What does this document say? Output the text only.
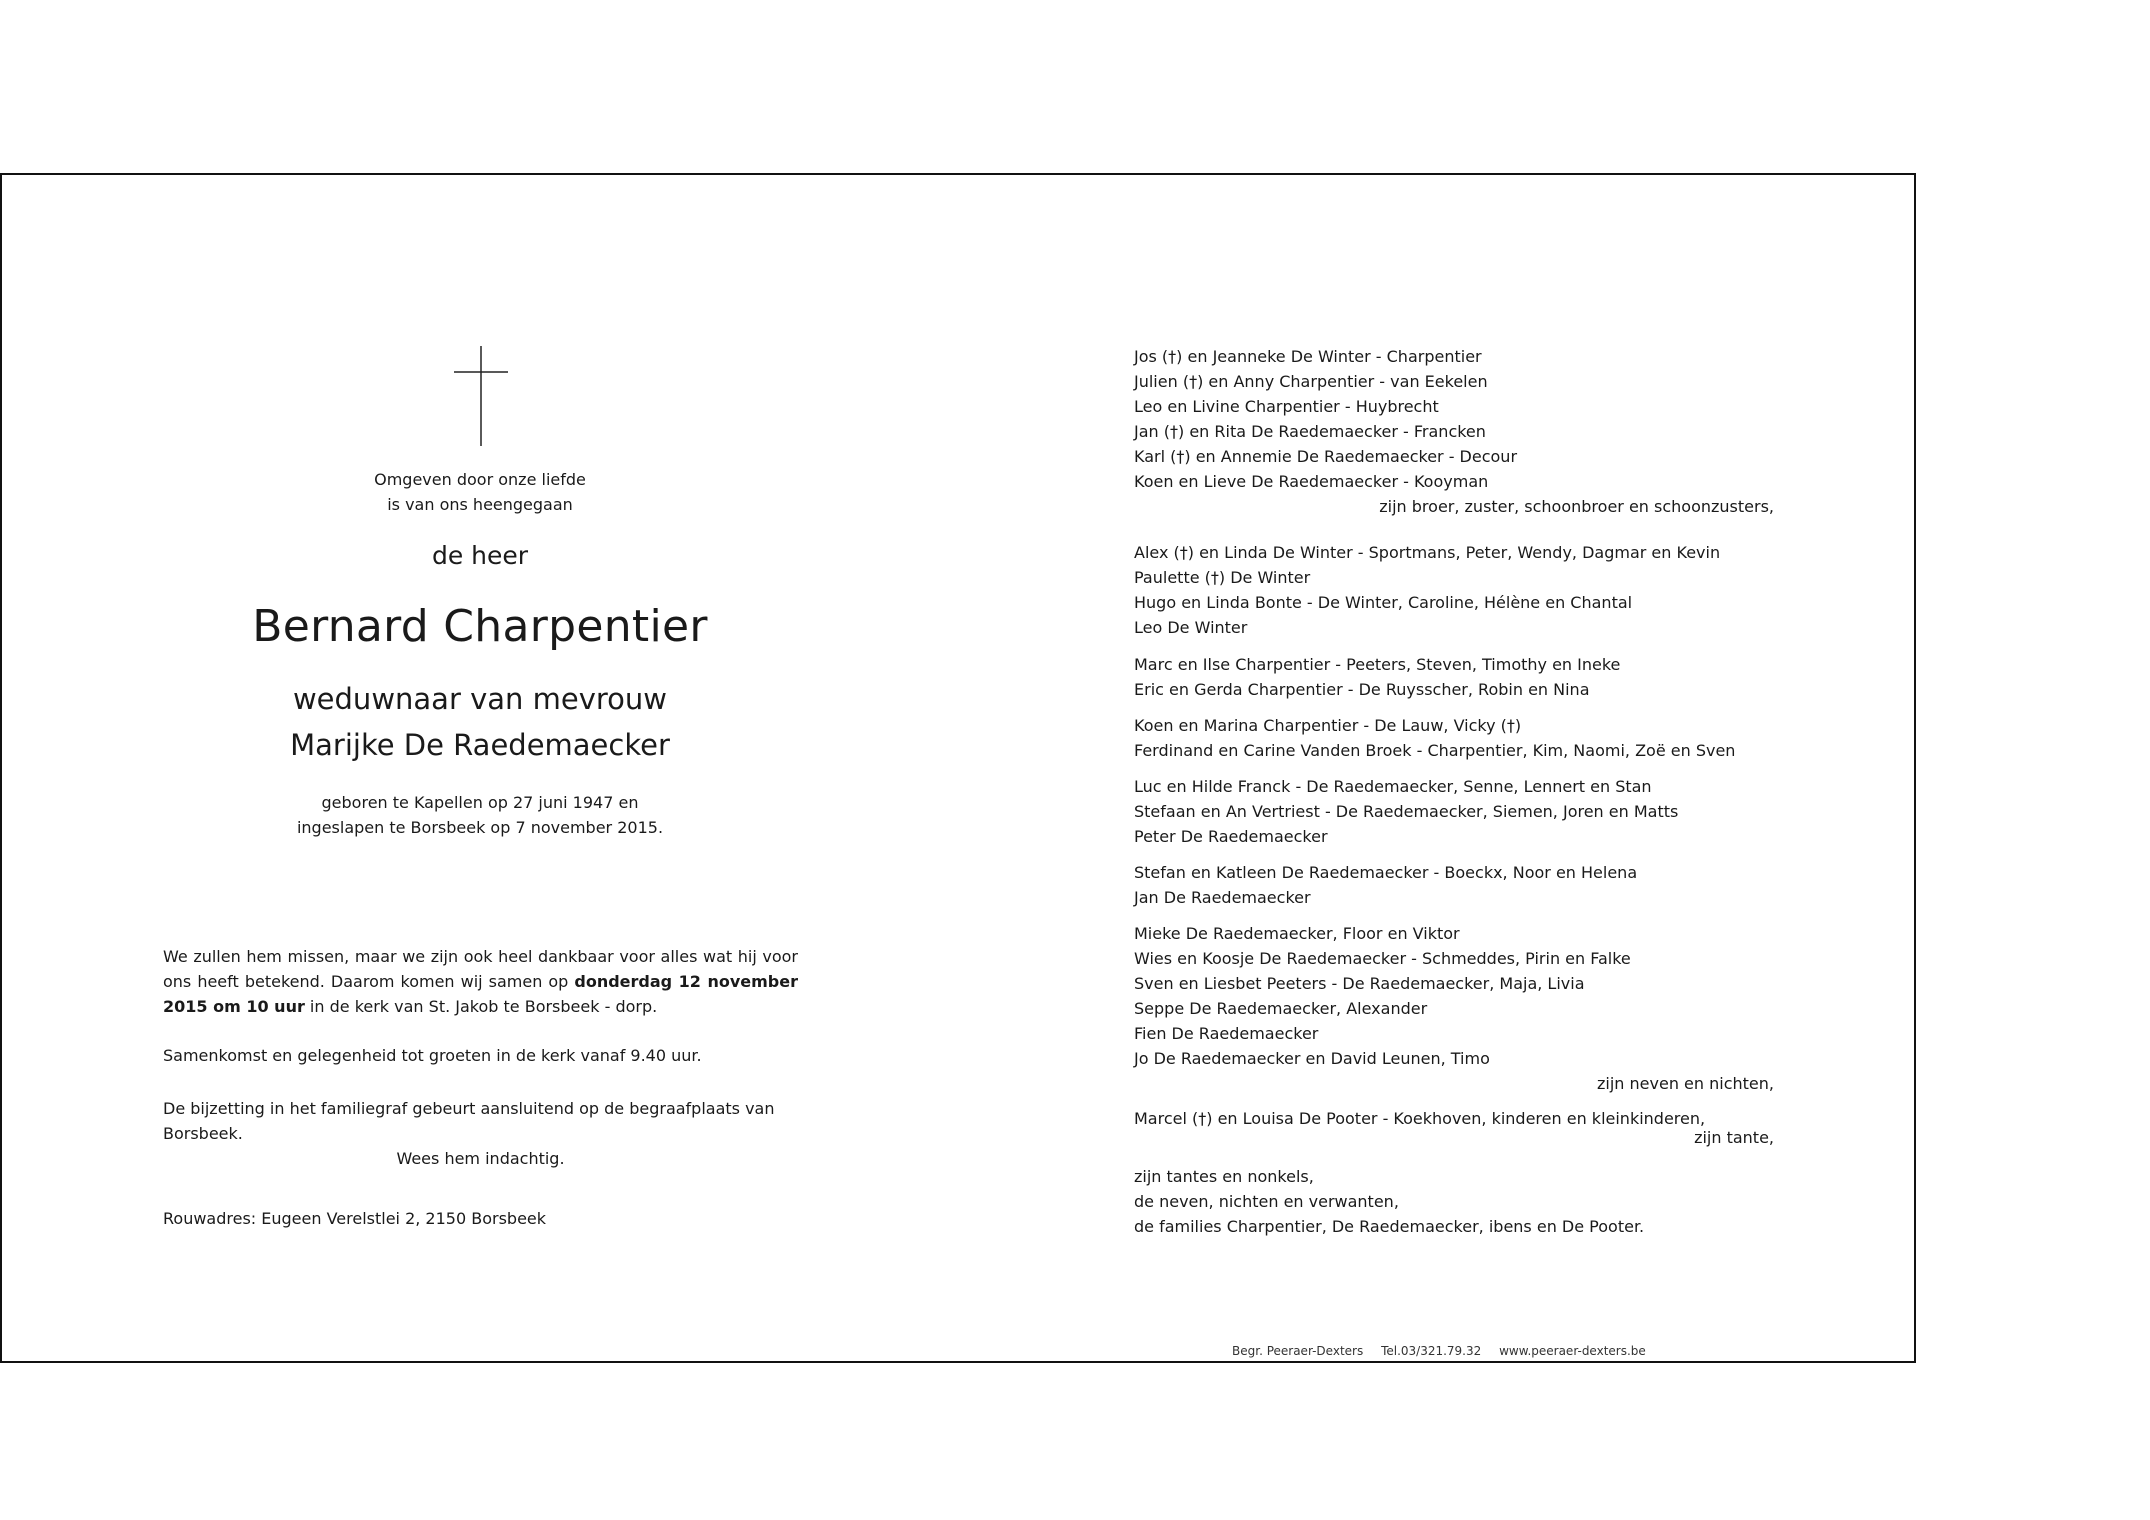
Omgeven door onze liefde
is van ons heengegaan
de heer
Bernard Charpentier
weduwnaar van mevrouw
Marijke De Raedemaecker
geboren te Kapellen op 27 juni 1947 en
ingeslapen te Borsbeek op 7 november 2015.
We zullen hem missen, maar we zijn ook heel dankbaar voor alles wat hij voor ons heeft betekend. Daarom komen wij samen op donderdag 12 november 2015 om 10 uur in de kerk van St. Jakob te Borsbeek - dorp.
Samenkomst en gelegenheid tot groeten in de kerk vanaf 9.40 uur.
De bijzetting in het familiegraf gebeurt aansluitend op de begraafplaats van Borsbeek.
Wees hem indachtig.
Rouwadres: Eugeen Verelstlei 2, 2150 Borsbeek
Jos (†) en Jeanneke De Winter - Charpentier
Julien (†) en Anny Charpentier - van Eekelen
Leo en Livine Charpentier - Huybrecht
Jan (†) en Rita De Raedemaecker - Francken
Karl (†) en Annemie De Raedemaecker - Decour
Koen en Lieve De Raedemaecker - Kooyman
zijn broer, zuster, schoonbroer en schoonzusters,
Alex (†) en Linda De Winter - Sportmans, Peter, Wendy, Dagmar en Kevin
Paulette (†) De Winter
Hugo en Linda Bonte - De Winter, Caroline, Hélène en Chantal
Leo De Winter
Marc en Ilse Charpentier - Peeters, Steven, Timothy en Ineke
Eric en Gerda Charpentier - De Ruysscher, Robin en Nina
Koen en Marina Charpentier - De Lauw, Vicky (†)
Ferdinand en Carine Vanden Broek - Charpentier, Kim, Naomi, Zoë en Sven
Luc en Hilde Franck - De Raedemaecker, Senne, Lennert en Stan
Stefaan en An Vertriest - De Raedemaecker, Siemen, Joren en Matts
Peter De Raedemaecker
Stefan en Katleen De Raedemaecker - Boeckx, Noor en Helena
Jan De Raedemaecker
Mieke De Raedemaecker, Floor en Viktor
Wies en Koosje De Raedemaecker - Schmeddes, Pirin en Falke
Sven en Liesbet Peeters - De Raedemaecker, Maja, Livia
Seppe De Raedemaecker, Alexander
Fien De Raedemaecker
Jo De Raedemaecker en David Leunen, Timo
zijn neven en nichten,
Marcel (†) en Louisa De Pooter - Koekhoven, kinderen en kleinkinderen,
zijn tante,
zijn tantes en nonkels,
de neven, nichten en verwanten,
de families Charpentier, De Raedemaecker, ibens en De Pooter.
Begr. Peeraer-Dexters Tel.03/321.79.32 www.peeraer-dexters.be
